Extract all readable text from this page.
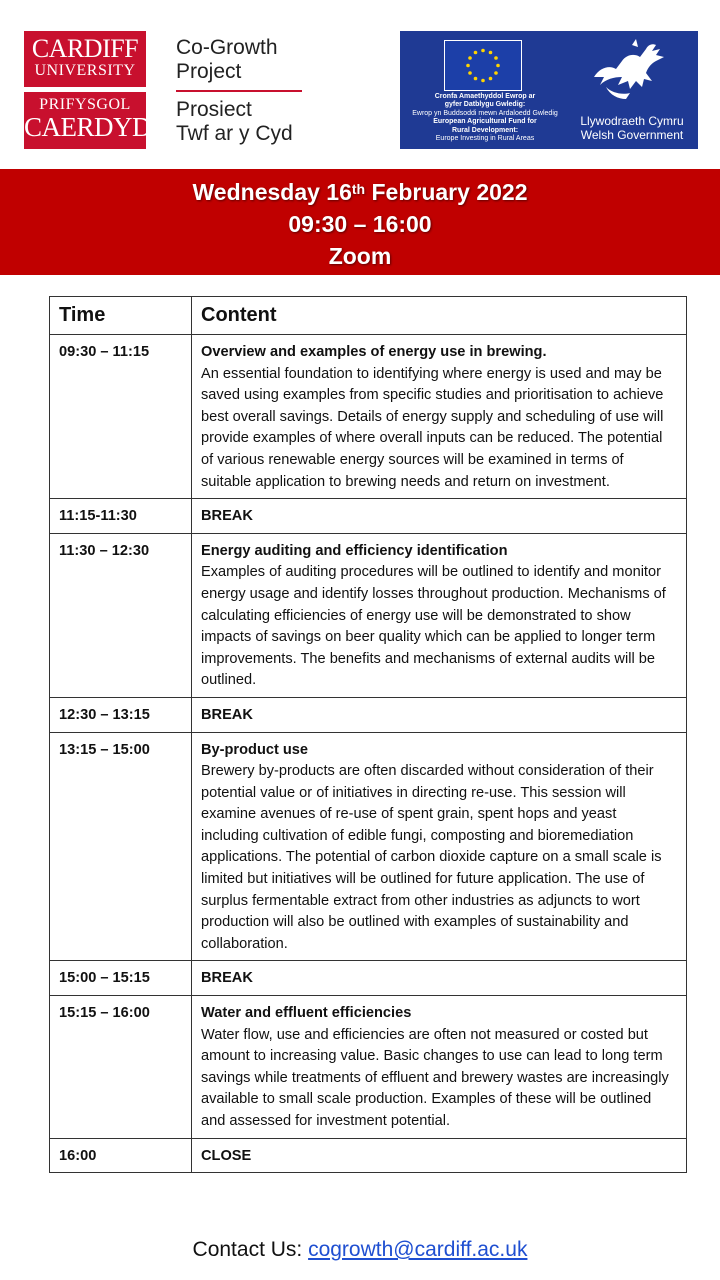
CARDIFF
UNIVERSITY
PRIFYSGOL
CAERDYD
Co-Growth
Project
Prosiect
Twf ar y Cyd
Cronfa Amaethyddol Ewrop ar
gyfer Datblygu Gwledig:
Ewrop yn Buddsoddi mewn Ardaloedd Gwledig
European Agricultural Fund for
Rural Development:
Europe Investing in Rural Areas
Llywodraeth Cymru
Welsh Government
Wednesday 16th February 2022
09:30 – 16:00
Zoom
Time	Content
09:30 – 11:15	Overview and examples of energy use in brewing.
An essential foundation to identifying where energy is used and may be saved using examples from specific studies and prioritisation to achieve best overall savings. Details of energy supply and scheduling of use will provide examples of where overall inputs can be reduced. The potential of various renewable energy sources will be examined in terms of suitable application to brewing needs and return on investment.

11:15-11:30	BREAK

11:30 – 12:30	Energy auditing and efficiency identification
Examples of auditing procedures will be outlined to identify and monitor energy usage and identify losses throughout production. Mechanisms of calculating efficiencies of energy use will be demonstrated to show impacts of savings on beer quality which can be applied to longer term improvements. The benefits and mechanisms of external audits will be outlined.

12:30 – 13:15	BREAK

13:15 – 15:00	By-product use
Brewery by-products are often discarded without consideration of their potential value or of initiatives in directing re-use. This session will examine avenues of re-use of spent grain, spent hops and yeast including cultivation of edible fungi, composting and bioremediation applications. The potential of carbon dioxide capture on a small scale is limited but initiatives will be outlined for future application. The use of surplus fermentable extract from other industries as adjuncts to wort production will also be outlined with examples of sustainability and collaboration.

15:00 – 15:15	BREAK

15:15 – 16:00	Water and effluent efficiencies
Water flow, use and efficiencies are often not measured or costed but amount to increasing value. Basic changes to use can lead to long term savings while treatments of effluent and brewery wastes are increasingly available to small scale production. Examples of these will be outlined and assessed for investment potential.

16:00	CLOSE
Contact Us: cogrowth@cardiff.ac.uk
